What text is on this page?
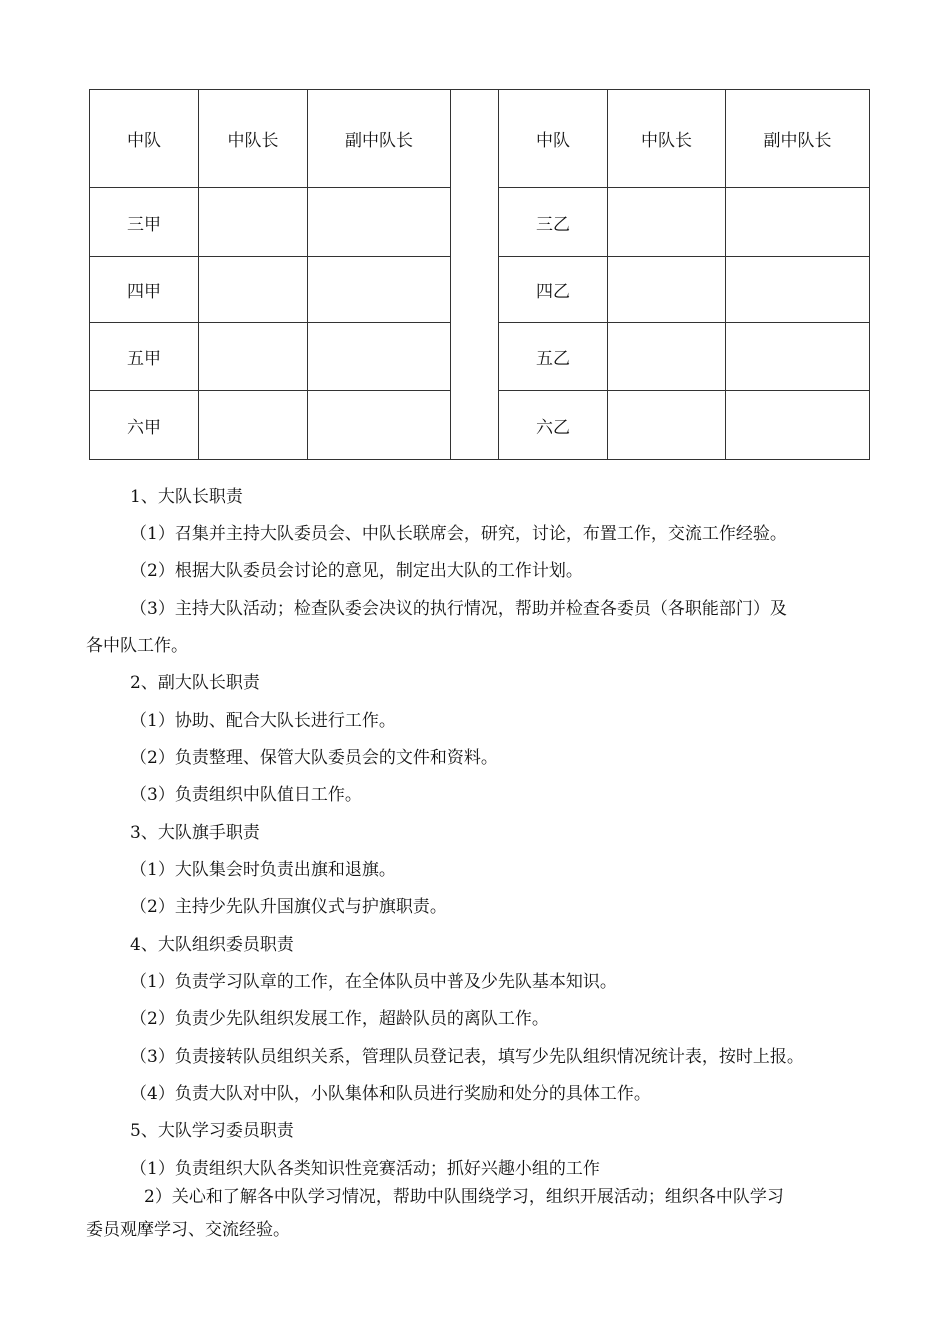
中队	中队长	副中队长		中队	中队长	副中队长
三甲				三乙		
四甲				四乙		
五甲				五乙		
六甲				六乙		
1、大队长职责
（1）召集并主持大队委员会、中队长联席会，研究，讨论，布置工作，交流工作经验。
（2）根据大队委员会讨论的意见，制定出大队的工作计划。
（3）主持大队活动；检查队委会决议的执行情况，帮助并检查各委员（各职能部门）及
各中队工作。
2、副大队长职责
（1）协助、配合大队长进行工作。
（2）负责整理、保管大队委员会的文件和资料。
（3）负责组织中队值日工作。
3、大队旗手职责
（1）大队集会时负责出旗和退旗。
（2）主持少先队升国旗仪式与护旗职责。
4、大队组织委员职责
（1）负责学习队章的工作，在全体队员中普及少先队基本知识。
（2）负责少先队组织发展工作，超龄队员的离队工作。
（3）负责接转队员组织关系，管理队员登记表，填写少先队组织情况统计表，按时上报。
（4）负责大队对中队，小队集体和队员进行奖励和处分的具体工作。
5、大队学习委员职责
（1）负责组织大队各类知识性竞赛活动；抓好兴趣小组的工作
2）关心和了解各中队学习情况，帮助中队围绕学习，组织开展活动；组织各中队学习
委员观摩学习、交流经验。
